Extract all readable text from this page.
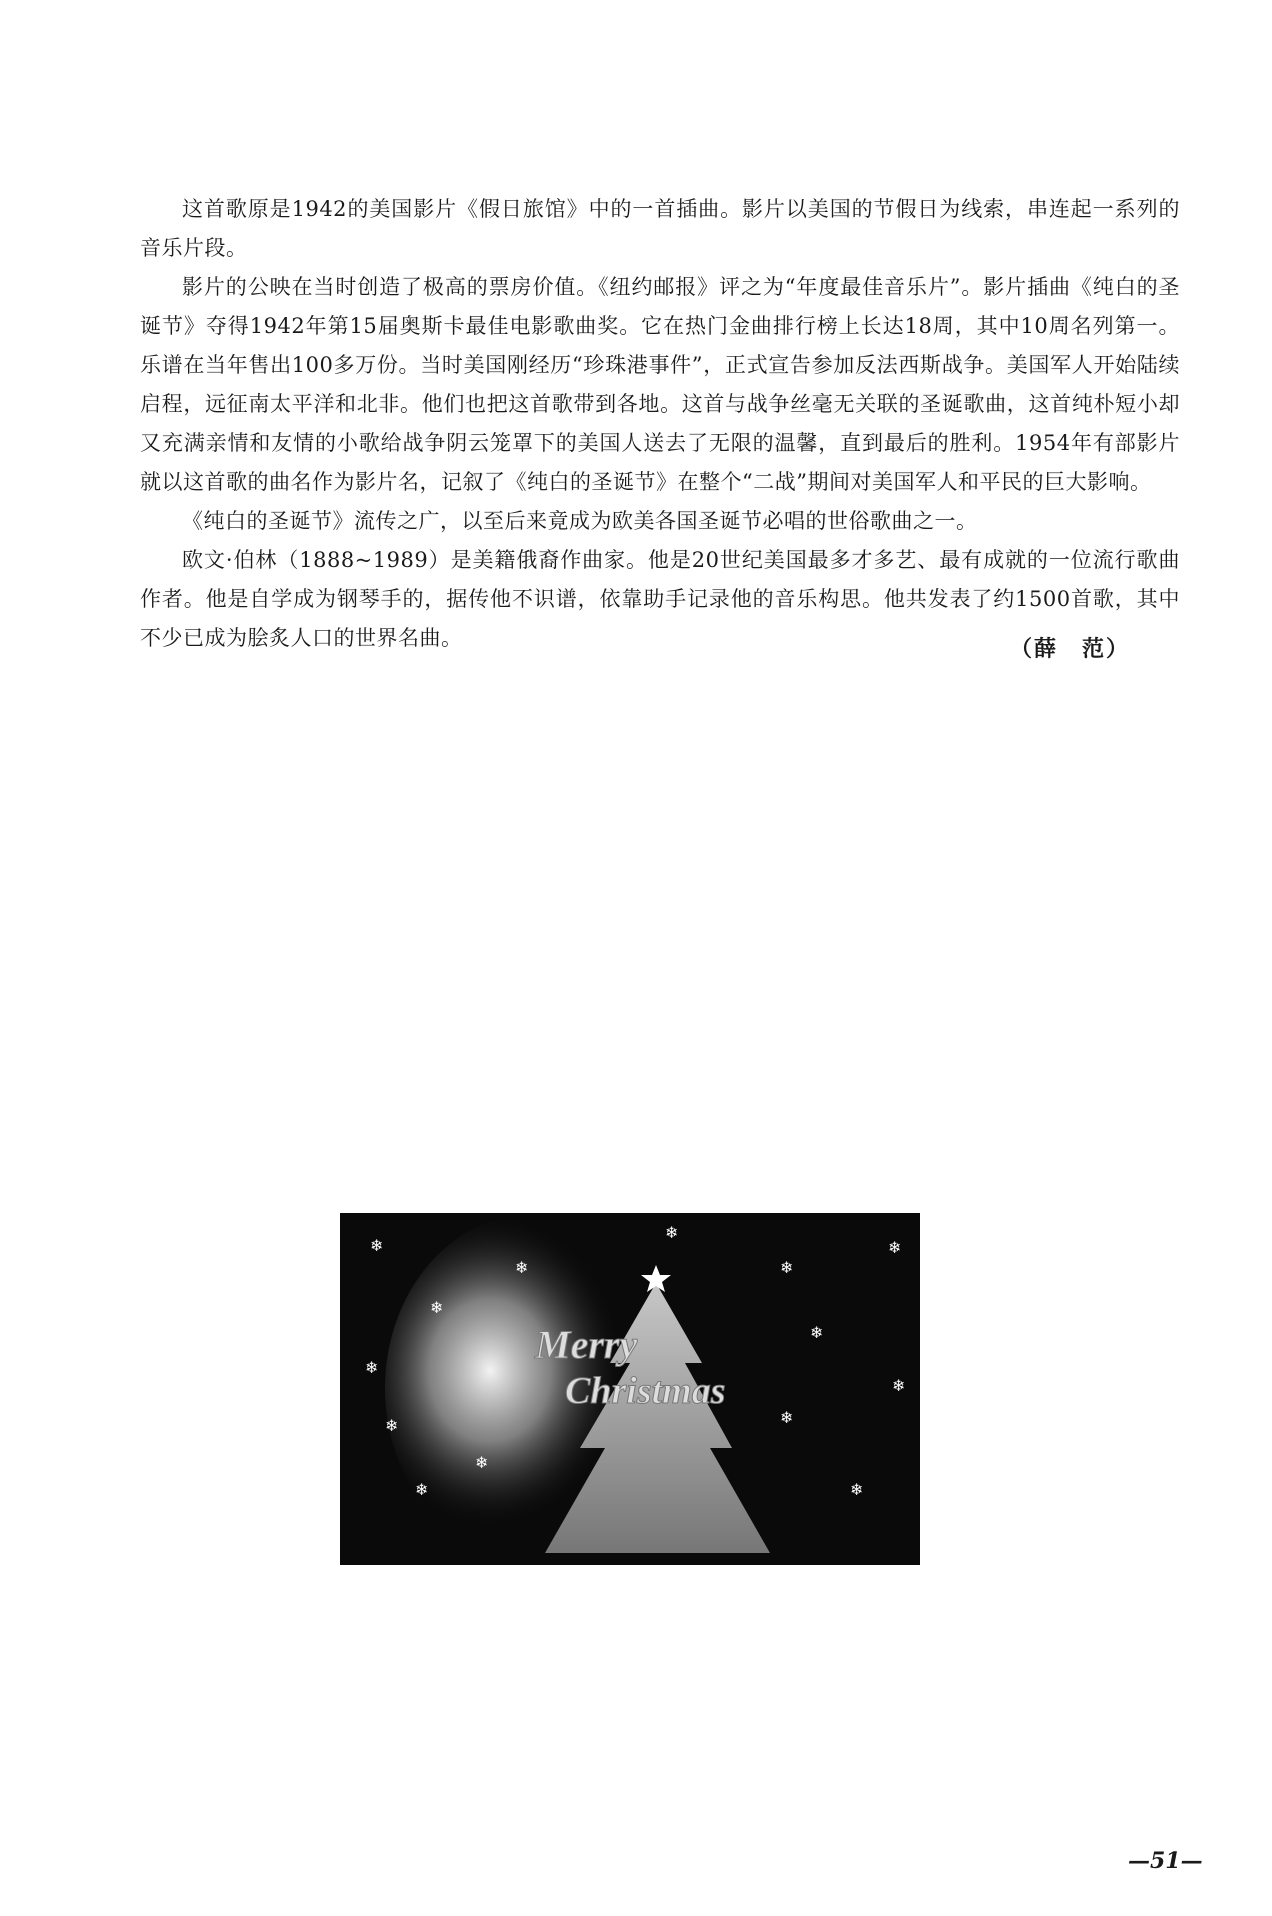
这首歌原是1942的美国影片《假日旅馆》中的一首插曲。影片以美国的节假日为线索，串连起一系列的音乐片段。

影片的公映在当时创造了极高的票房价值。《纽约邮报》评之为“年度最佳音乐片”。影片插曲《纯白的圣诞节》夺得1942年第15届奥斯卡最佳电影歌曲奖。它在热门金曲排行榜上长达18周，其中10周名列第一。乐谱在当年售出100多万份。当时美国刚经历“珍珠港事件”，正式宣告参加反法西斯战争。美国军人开始陆续启程，远征南太平洋和北非。他们也把这首歌带到各地。这首与战争丝毫无关联的圣诞歌曲，这首纯朴短小却又充满亲情和友情的小歌给战争阴云笼罩下的美国人送去了无限的温馨，直到最后的胜利。1954年有部影片就以这首歌的曲名作为影片名，记叙了《纯白的圣诞节》在整个“二战”期间对美国军人和平民的巨大影响。

《纯白的圣诞节》流传之广，以至后来竟成为欧美各国圣诞节必唱的世俗歌曲之一。

欧文·伯林（1888~1989）是美籍俄裔作曲家。他是20世纪美国最多才多艺、最有成就的一位流行歌曲作者。他是自学成为钢琴手的，据传他不识谱，依靠助手记录他的音乐构思。他共发表了约1500首歌，其中不少已成为脍炙人口的世界名曲。	（薛　范）
Merry
Christmas
❄
❄
❄
❄
❄
❄
❄
❄
❄
❄	❄
❄
❄	❄
—51—
